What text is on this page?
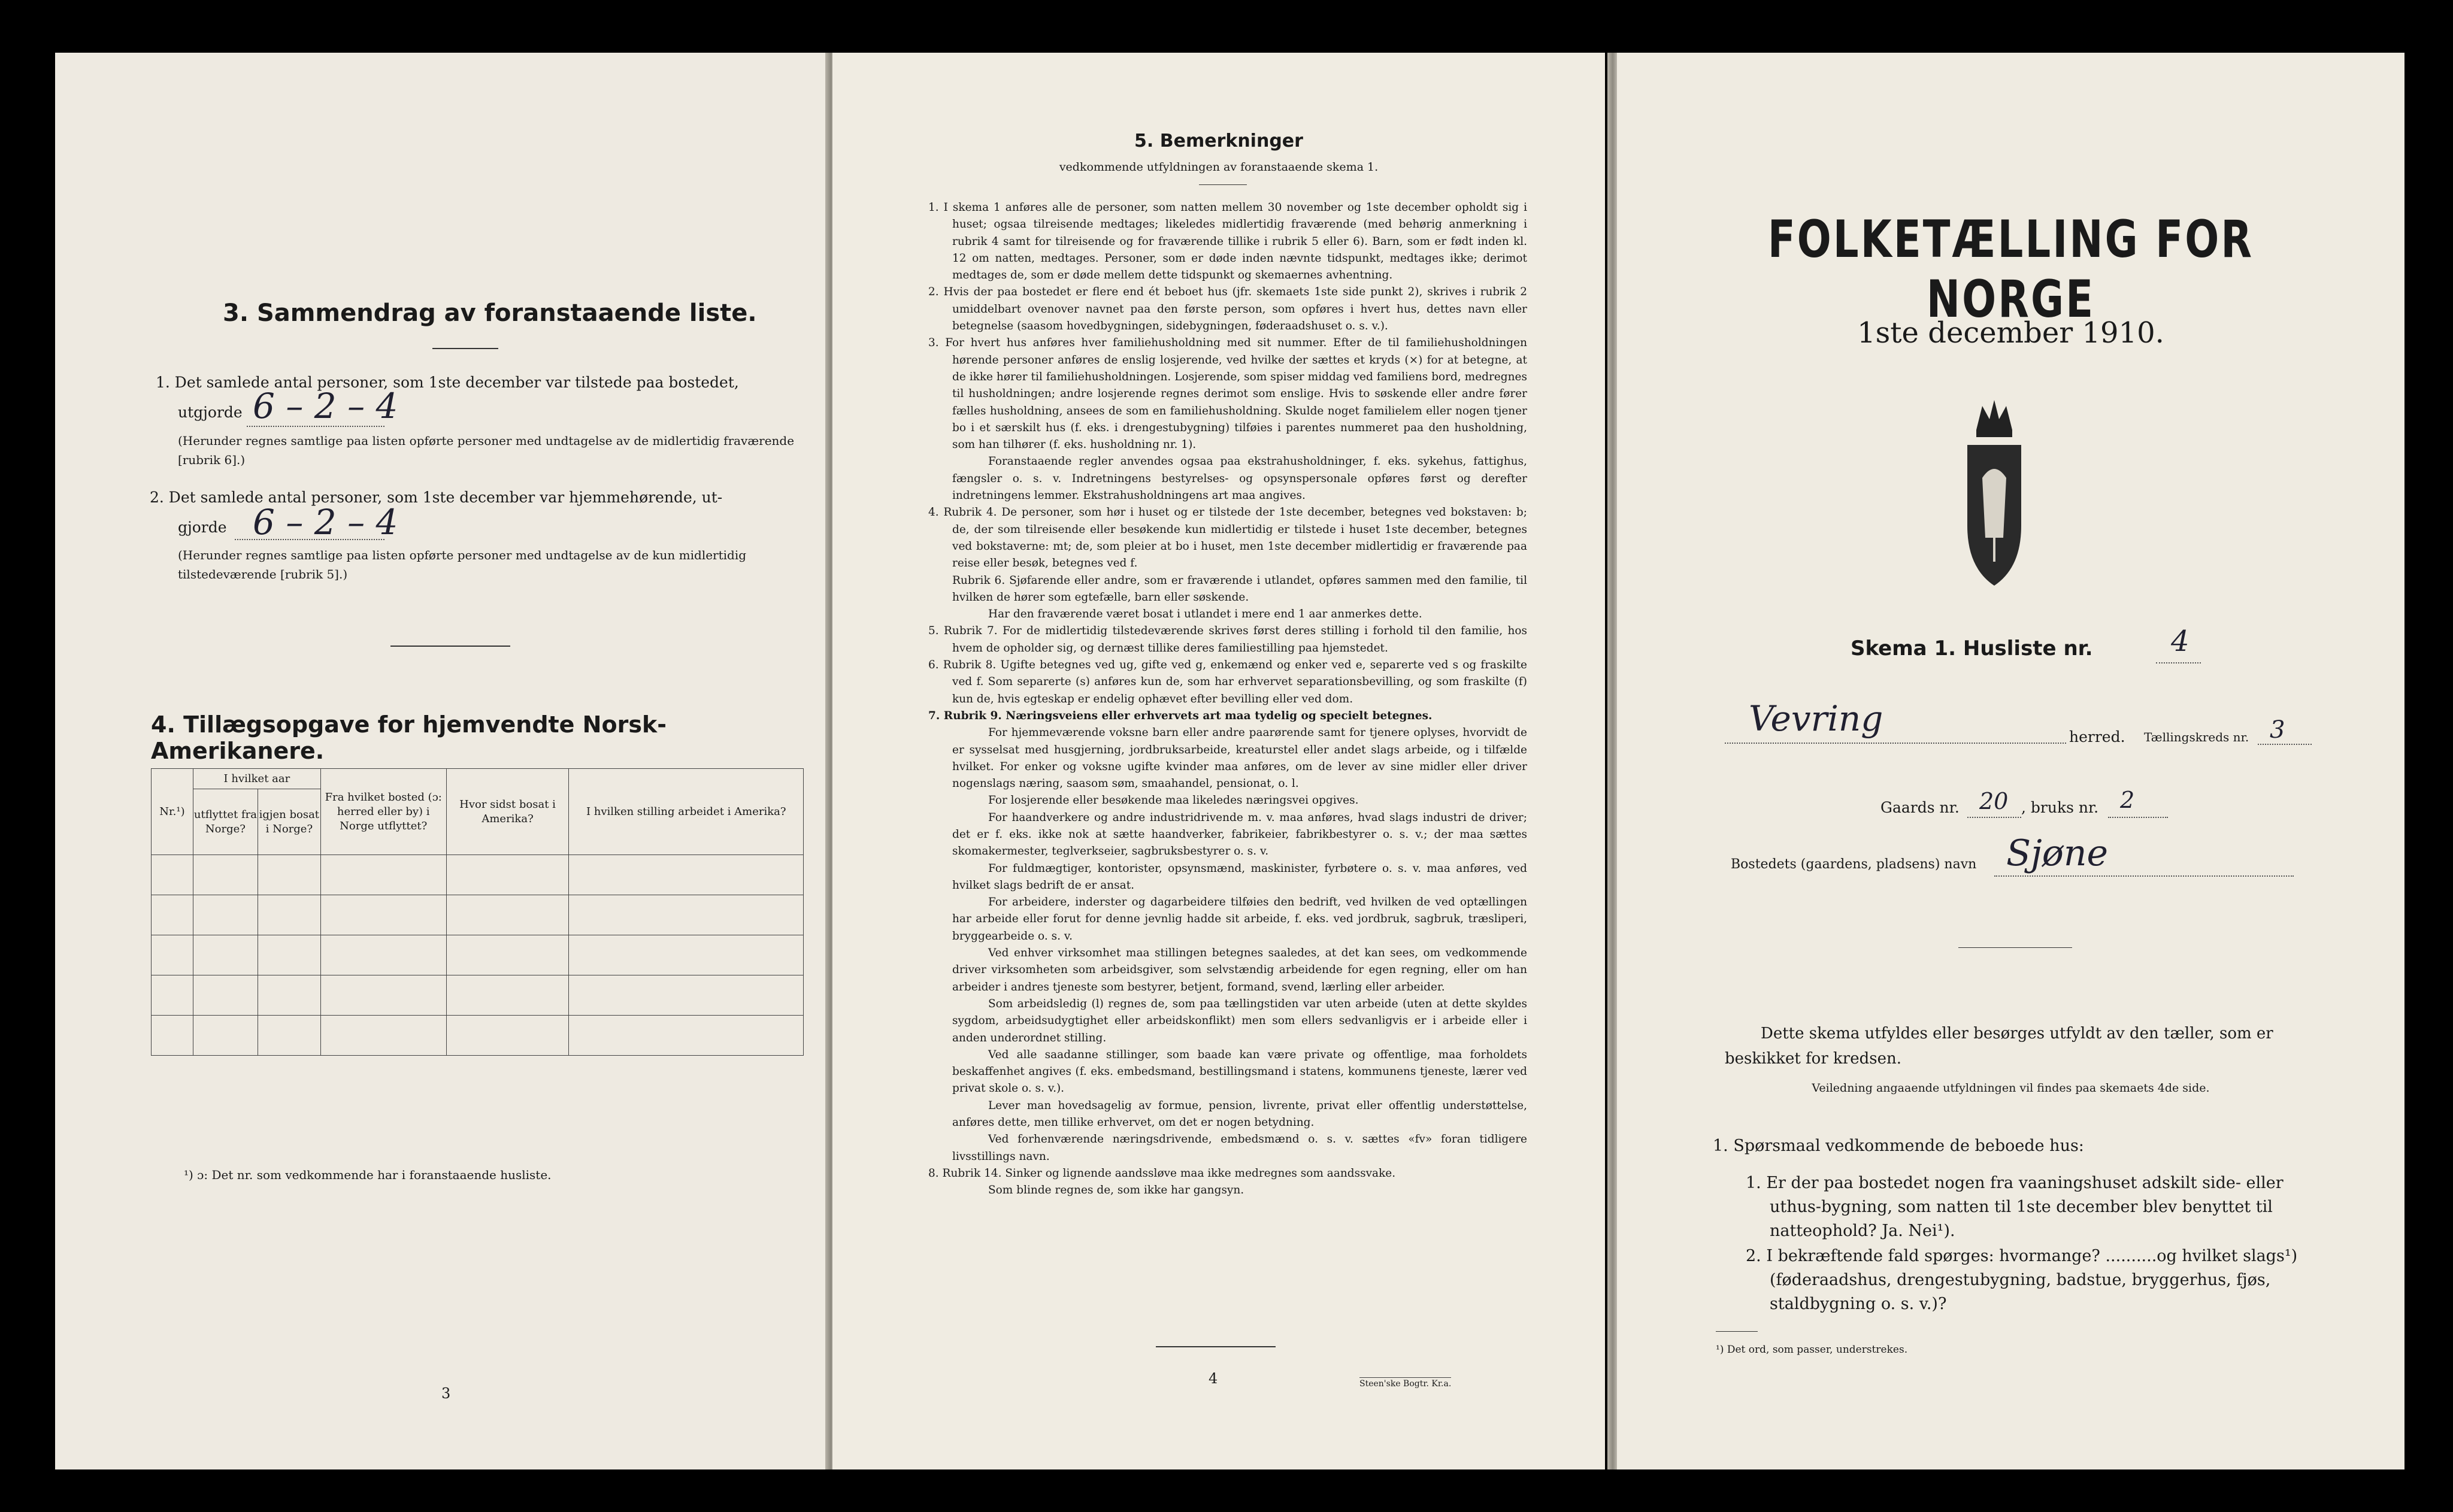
3. Sammendrag av foranstaaende liste.
1. Det samlede antal personer, som 1ste december var tilstede paa bostedet,
utgjorde 6 – 2 – 4
(Herunder regnes samtlige paa listen opførte personer med undtagelse av de midlertidig fraværende [rubrik 6].)
2. Det samlede antal personer, som 1ste december var hjemmehørende, ut-
gjorde 6 – 2 – 4
(Herunder regnes samtlige paa listen opførte personer med undtagelse av de kun midlertidig tilstedeværende [rubrik 5].)
4. Tillægsopgave for hjemvendte Norsk-Amerikanere.
Nr.¹)	I hvilket aar		Fra hvilket bosted (ɔ: herred eller by) i Norge utflyttet?	Hvor sidst bosat i Amerika?	I hvilken stilling arbeidet i Amerika?
	utflyttet fra Norge?	igjen bosat i Norge?			

¹) ɔ: Det nr. som vedkommende har i foranstaaende husliste.
3
5. Bemerkninger
vedkommende utfyldningen av foranstaaende skema 1.

1. I skema 1 anføres alle de personer, som natten mellem 30 november og 1ste december opholdt sig i huset; ogsaa tilreisende medtages; likeledes midlertidig fraværende (med behørig anmerkning i rubrik 4 samt for tilreisende og for fraværende tillike i rubrik 5 eller 6). Barn, som er født inden kl. 12 om natten, medtages. Personer, som er døde inden nævnte tidspunkt, medtages ikke; derimot medtages de, som er døde mellem dette tidspunkt og skemaernes avhentning.

2. Hvis der paa bostedet er flere end ét beboet hus (jfr. skemaets 1ste side punkt 2), skrives i rubrik 2 umiddelbart ovenover navnet paa den første person, som opføres i hvert hus, dettes navn eller betegnelse (saasom hovedbygningen, sidebygningen, føderaadshuset o. s. v.).

3. For hvert hus anføres hver familiehusholdning med sit nummer. Efter de til familiehusholdningen hørende personer anføres de enslig losjerende, ved hvilke der sættes et kryds (×) for at betegne, at de ikke hører til familiehusholdningen. Losjerende, som spiser middag ved familiens bord, medregnes til husholdningen; andre losjerende regnes derimot som enslige. Hvis to søskende eller andre fører fælles husholdning, ansees de som en familiehusholdning. Skulde noget familielem eller nogen tjener bo i et særskilt hus (f. eks. i drengestubygning) tilføies i parentes nummeret paa den husholdning, som han tilhører (f. eks. husholdning nr. 1).

Foranstaaende regler anvendes ogsaa paa ekstrahusholdninger, f. eks. sykehus, fattighus, fængsler o. s. v. Indretningens bestyrelses- og opsynspersonale opføres først og derefter indretningens lemmer. Ekstrahusholdningens art maa angives.

4. Rubrik 4. De personer, som hør i huset og er tilstede der 1ste december, betegnes ved bokstaven: b; de, der som tilreisende eller besøkende kun midlertidig er tilstede i huset 1ste december, betegnes ved bokstaverne: mt; de, som pleier at bo i huset, men 1ste december midlertidig er fraværende paa reise eller besøk, betegnes ved f.

Rubrik 6. Sjøfarende eller andre, som er fraværende i utlandet, opføres sammen med den familie, til hvilken de hører som egtefælle, barn eller søskende.

Har den fraværende været bosat i utlandet i mere end 1 aar anmerkes dette.

5. Rubrik 7. For de midlertidig tilstedeværende skrives først deres stilling i forhold til den familie, hos hvem de opholder sig, og dernæst tillike deres familiestilling paa hjemstedet.

6. Rubrik 8. Ugifte betegnes ved ug, gifte ved g, enkemænd og enker ved e, separerte ved s og fraskilte ved f. Som separerte (s) anføres kun de, som har erhvervet separationsbevilling, og som fraskilte (f) kun de, hvis egteskap er endelig ophævet efter bevilling eller ved dom.

7. Rubrik 9. Næringsveiens eller erhvervets art maa tydelig og specielt betegnes.

For hjemmeværende voksne barn eller andre paarørende samt for tjenere oplyses, hvorvidt de er sysselsat med husgjerning, jordbruksarbeide, kreaturstel eller andet slags arbeide, og i tilfælde hvilket. For enker og voksne ugifte kvinder maa anføres, om de lever av sine midler eller driver nogenslags næring, saasom søm, smaahandel, pensionat, o. l.

For losjerende eller besøkende maa likeledes næringsvei opgives.

For haandverkere og andre industridrivende m. v. maa anføres, hvad slags industri de driver; det er f. eks. ikke nok at sætte haandverker, fabrikeier, fabrikbestyrer o. s. v.; der maa sættes skomakermester, teglverkseier, sagbruksbestyrer o. s. v.

For fuldmægtiger, kontorister, opsynsmænd, maskinister, fyrbøtere o. s. v. maa anføres, ved hvilket slags bedrift de er ansat.

For arbeidere, inderster og dagarbeidere tilføies den bedrift, ved hvilken de ved optællingen har arbeide eller forut for denne jevnlig hadde sit arbeide, f. eks. ved jordbruk, sagbruk, træsliperi, bryggearbeide o. s. v.

Ved enhver virksomhet maa stillingen betegnes saaledes, at det kan sees, om vedkommende driver virksomheten som arbeidsgiver, som selvstændig arbeidende for egen regning, eller om han arbeider i andres tjeneste som bestyrer, betjent, formand, svend, lærling eller arbeider.

Som arbeidsledig (l) regnes de, som paa tællingstiden var uten arbeide (uten at dette skyldes sygdom, arbeidsudygtighet eller arbeidskonflikt) men som ellers sedvanligvis er i arbeide eller i anden underordnet stilling.

Ved alle saadanne stillinger, som baade kan være private og offentlige, maa forholdets beskaffenhet angives (f. eks. embedsmand, bestillingsmand i statens, kommunens tjeneste, lærer ved privat skole o. s. v.).

Lever man hovedsagelig av formue, pension, livrente, privat eller offentlig understøttelse, anføres dette, men tillike erhvervet, om det er nogen betydning.

Ved forhenværende næringsdrivende, embedsmænd o. s. v. sættes «fv» foran tidligere livsstillings navn.

8. Rubrik 14. Sinker og lignende aandssløve maa ikke medregnes som aandssvake.

Som blinde regnes de, som ikke har gangsyn.

4	Steen'ske Bogtr. Kr.a.
FOLKETÆLLING FOR NORGE
1ste december 1910.
Skema 1. Husliste nr.	4
Vevring	herred. Tællingskreds nr. 3
Gaards nr. 20 , bruks nr. 2
Bostedets (gaardens, pladsens) navn Sjøne
Dette skema utfyldes eller besørges utfyldt av den tæller, som er beskikket for kredsen.
Veiledning angaaende utfyldningen vil findes paa skemaets 4de side.
1. Spørsmaal vedkommende de beboede hus:
1. Er der paa bostedet nogen fra vaaningshuset adskilt side- eller uthus-bygning, som natten til 1ste december blev benyttet til natteophold? Ja. Nei¹).
2. I bekræftende fald spørges: hvormange? ..........og hvilket slags¹) (føderaadshus, drengestubygning, badstue, bryggerhus, fjøs, staldbygning o. s. v.)?
¹) Det ord, som passer, understrekes.
